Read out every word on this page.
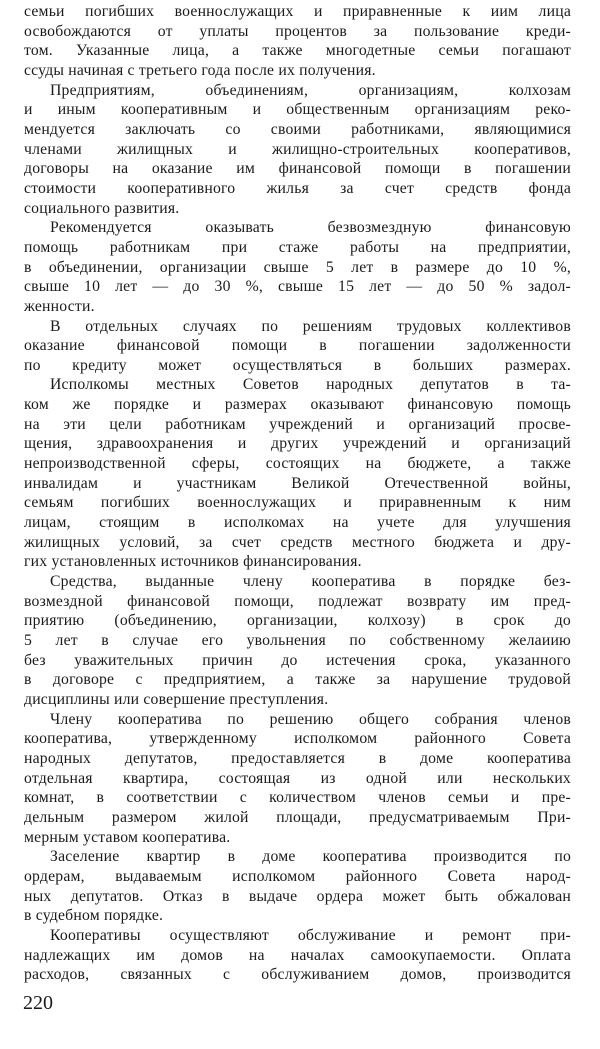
семьи погибших военнослужащих и приравненные к иим лица
освобождаются от уплаты процентов за пользование креди-
том. Указанные лица, а также многодетные семьи погашают
ссуды начиная с третьего года после их получения.
Предприятиям, объединениям, организациям, колхозам
и иным кооперативным и общественным организациям реко-
мендуется заключать со своими работниками, являющимися
членами жилищных и жилищно-строительных кооперативов,
договоры на оказание им финансовой помощи в погашении
стоимости кооперативного жилья за счет средств фонда
социального развития.
Рекомендуется оказывать безвозмездную финансовую
помощь работникам при стаже работы на предприятии,
в объединении, организации свыше 5 лет в размере до 10 %,
свыше 10 лет — до 30 %, свыше 15 лет — до 50 % задол-
женности.
В отдельных случаях по решениям трудовых коллективов
оказание финансовой помощи в погашении задолженности
по кредиту может осуществляться в больших размерах.
Исполкомы местных Советов народных депутатов в та-
ком же порядке и размерах оказывают финансовую помощь
на эти цели работникам учреждений и организаций просве-
щения, здравоохранения и других учреждений и организаций
непроизводственной сферы, состоящих на бюджете, а также
инвалидам и участникам Великой Отечественной войны,
семьям погибших военнослужащих и приравненным к ним
лицам, стоящим в исполкомах на учете для улучшения
жилищных условий, за счет средств местного бюджета и дру-
гих установленных источников финансирования.
Средства, выданные члену кооператива в порядке без-
возмездной финансовой помощи, подлежат возврату им пред-
приятию (объединению, организации, колхозу) в срок до
5 лет в случае его увольнения по собственному желаиию
без уважительных причин до истечения срока, указанного
в договоре с предприятием, а также за нарушение трудовой
дисциплины или совершение преступления.
Члену кооператива по решению общего собрания членов
кооператива, утвержденному исполкомом районного Совета
народных депутатов, предоставляется в доме кооператива
отдельная квартира, состоящая из одной или нескольких
комнат, в соответствии с количеством членов семьи и пре-
дельным размером жилой площади, предусматриваемым При-
мерным уставом кооператива.
Заселение квартир в доме кооператива производится по
ордерам, выдаваемым исполкомом районного Совета народ-
ных депутатов. Отказ в выдаче ордера может быть обжалован
в судебном порядке.
Кооперативы осуществляют обслуживание и ремонт при-
надлежащих им домов на началах самоокупаемости. Оплата
расходов, связанных с обслуживанием домов, производится
220
